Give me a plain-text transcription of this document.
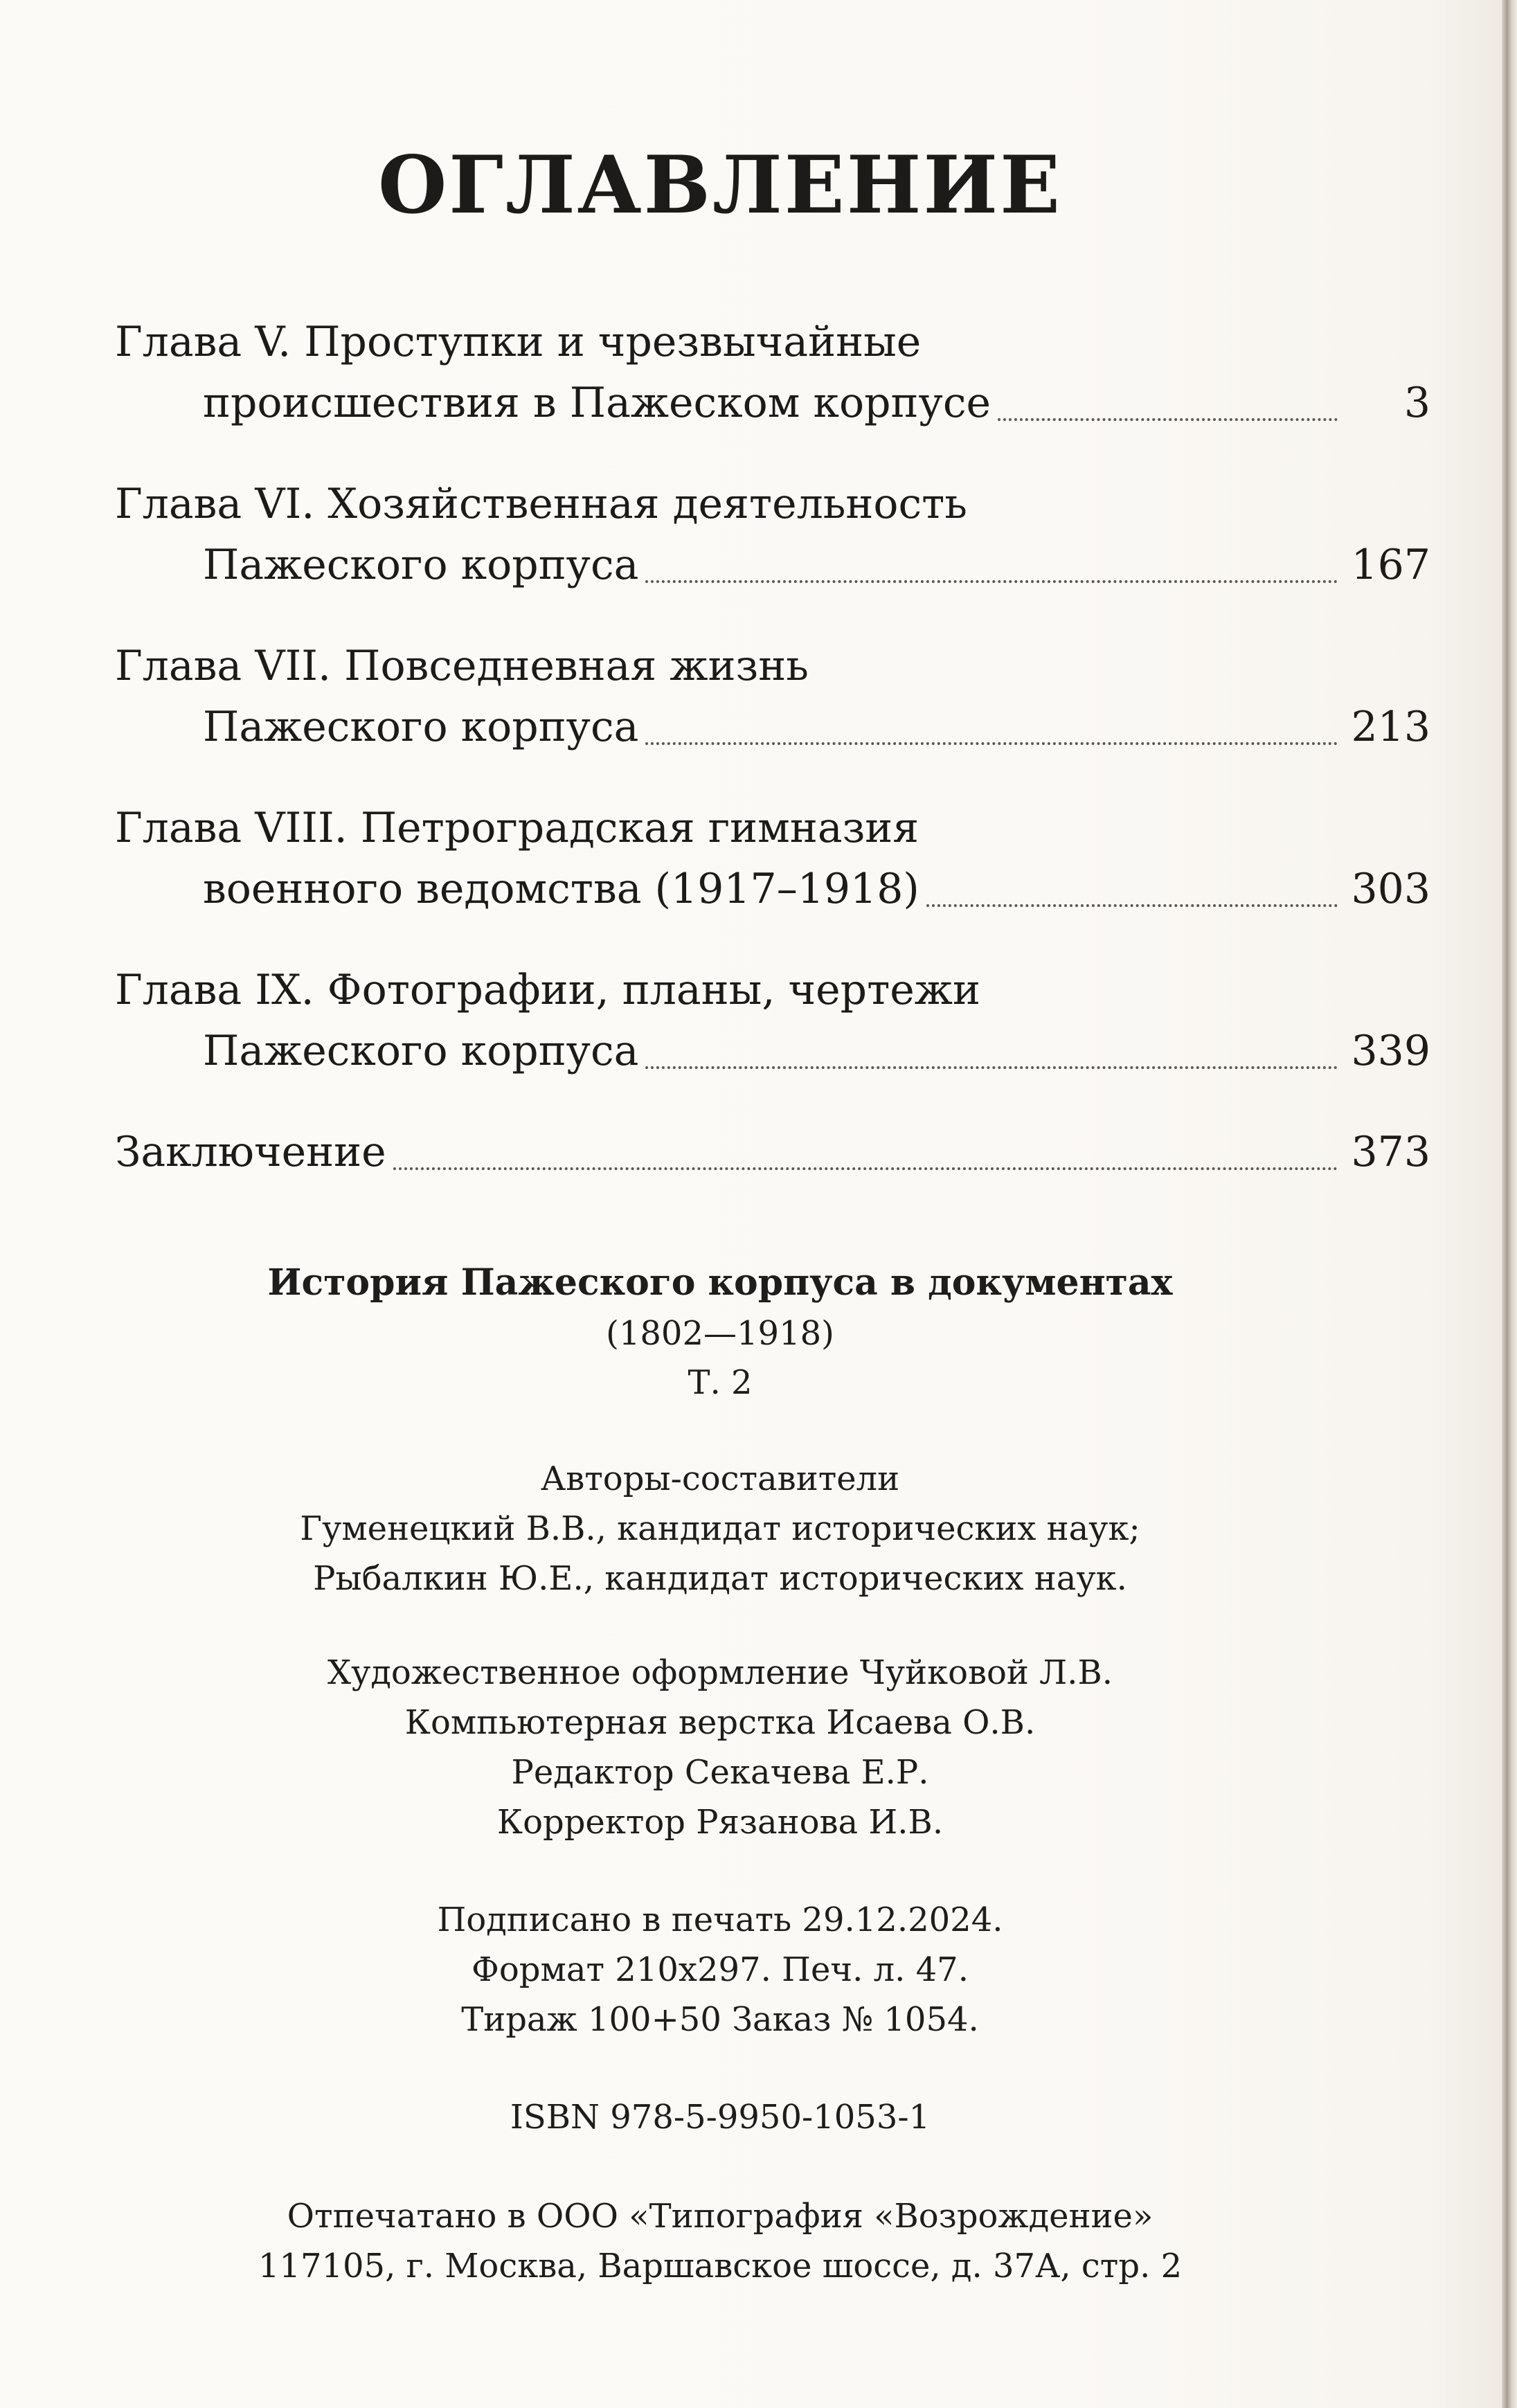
ОГЛАВЛЕНИЕ
Глава V. Проступки и чрезвычайные
происшествия в Пажеском корпусе	3
Глава VI. Хозяйственная деятельность
Пажеского корпуса	167
Глава VII. Повседневная жизнь
Пажеского корпуса	213
Глава VIII. Петроградская гимназия
военного ведомства (1917–1918)	303
Глава IX. Фотографии, планы, чертежи
Пажеского корпуса	339
Заключение	373
История Пажеского корпуса в документах
(1802—1918)
Т. 2
Авторы-составители
Гуменецкий В.В., кандидат исторических наук;
Рыбалкин Ю.Е., кандидат исторических наук.
Художественное оформление Чуйковой Л.В.
Компьютерная верстка Исаева О.В.
Редактор Секачева Е.Р.
Корректор Рязанова И.В.
Подписано в печать 29.12.2024.
Формат 210x297. Печ. л. 47.
Тираж 100+50 Заказ № 1054.
ISBN 978-5-9950-1053-1
Отпечатано в ООО «Типография «Возрождение»
117105, г. Москва, Варшавское шоссе, д. 37А, стр. 2
